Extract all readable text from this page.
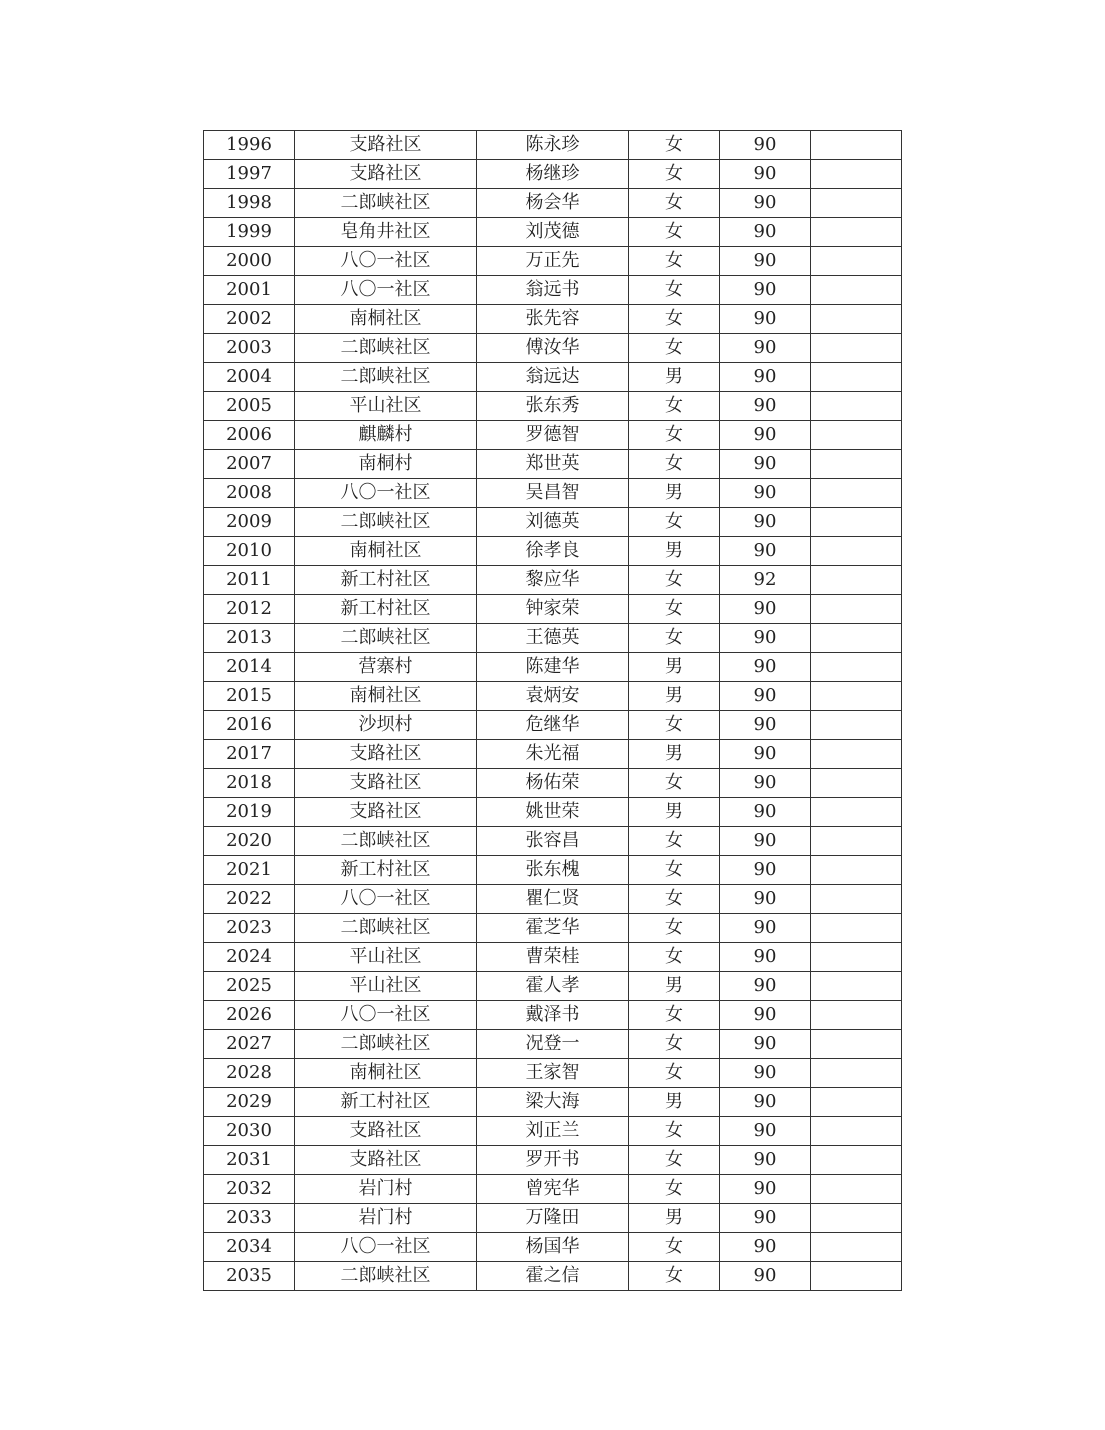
1996	支路社区	陈永珍	女	90	
1997	支路社区	杨继珍	女	90	
1998	二郎峡社区	杨会华	女	90	
1999	皂角井社区	刘茂德	女	90	
2000	八〇一社区	万正先	女	90	
2001	八〇一社区	翁远书	女	90	
2002	南桐社区	张先容	女	90	
2003	二郎峡社区	傅汝华	女	90	
2004	二郎峡社区	翁远达	男	90	
2005	平山社区	张东秀	女	90	
2006	麒麟村	罗德智	女	90	
2007	南桐村	郑世英	女	90	
2008	八〇一社区	吴昌智	男	90	
2009	二郎峡社区	刘德英	女	90	
2010	南桐社区	徐孝良	男	90	
2011	新工村社区	黎应华	女	92	
2012	新工村社区	钟家荣	女	90	
2013	二郎峡社区	王德英	女	90	
2014	营寨村	陈建华	男	90	
2015	南桐社区	袁炳安	男	90	
2016	沙坝村	危继华	女	90	
2017	支路社区	朱光福	男	90	
2018	支路社区	杨佑荣	女	90	
2019	支路社区	姚世荣	男	90	
2020	二郎峡社区	张容昌	女	90	
2021	新工村社区	张东槐	女	90	
2022	八〇一社区	瞿仁贤	女	90	
2023	二郎峡社区	霍芝华	女	90	
2024	平山社区	曹荣桂	女	90	
2025	平山社区	霍人孝	男	90	
2026	八〇一社区	戴泽书	女	90	
2027	二郎峡社区	况登一	女	90	
2028	南桐社区	王家智	女	90	
2029	新工村社区	梁大海	男	90	
2030	支路社区	刘正兰	女	90	
2031	支路社区	罗开书	女	90	
2032	岩门村	曾宪华	女	90	
2033	岩门村	万隆田	男	90	
2034	八〇一社区	杨国华	女	90	
2035	二郎峡社区	霍之信	女	90	
